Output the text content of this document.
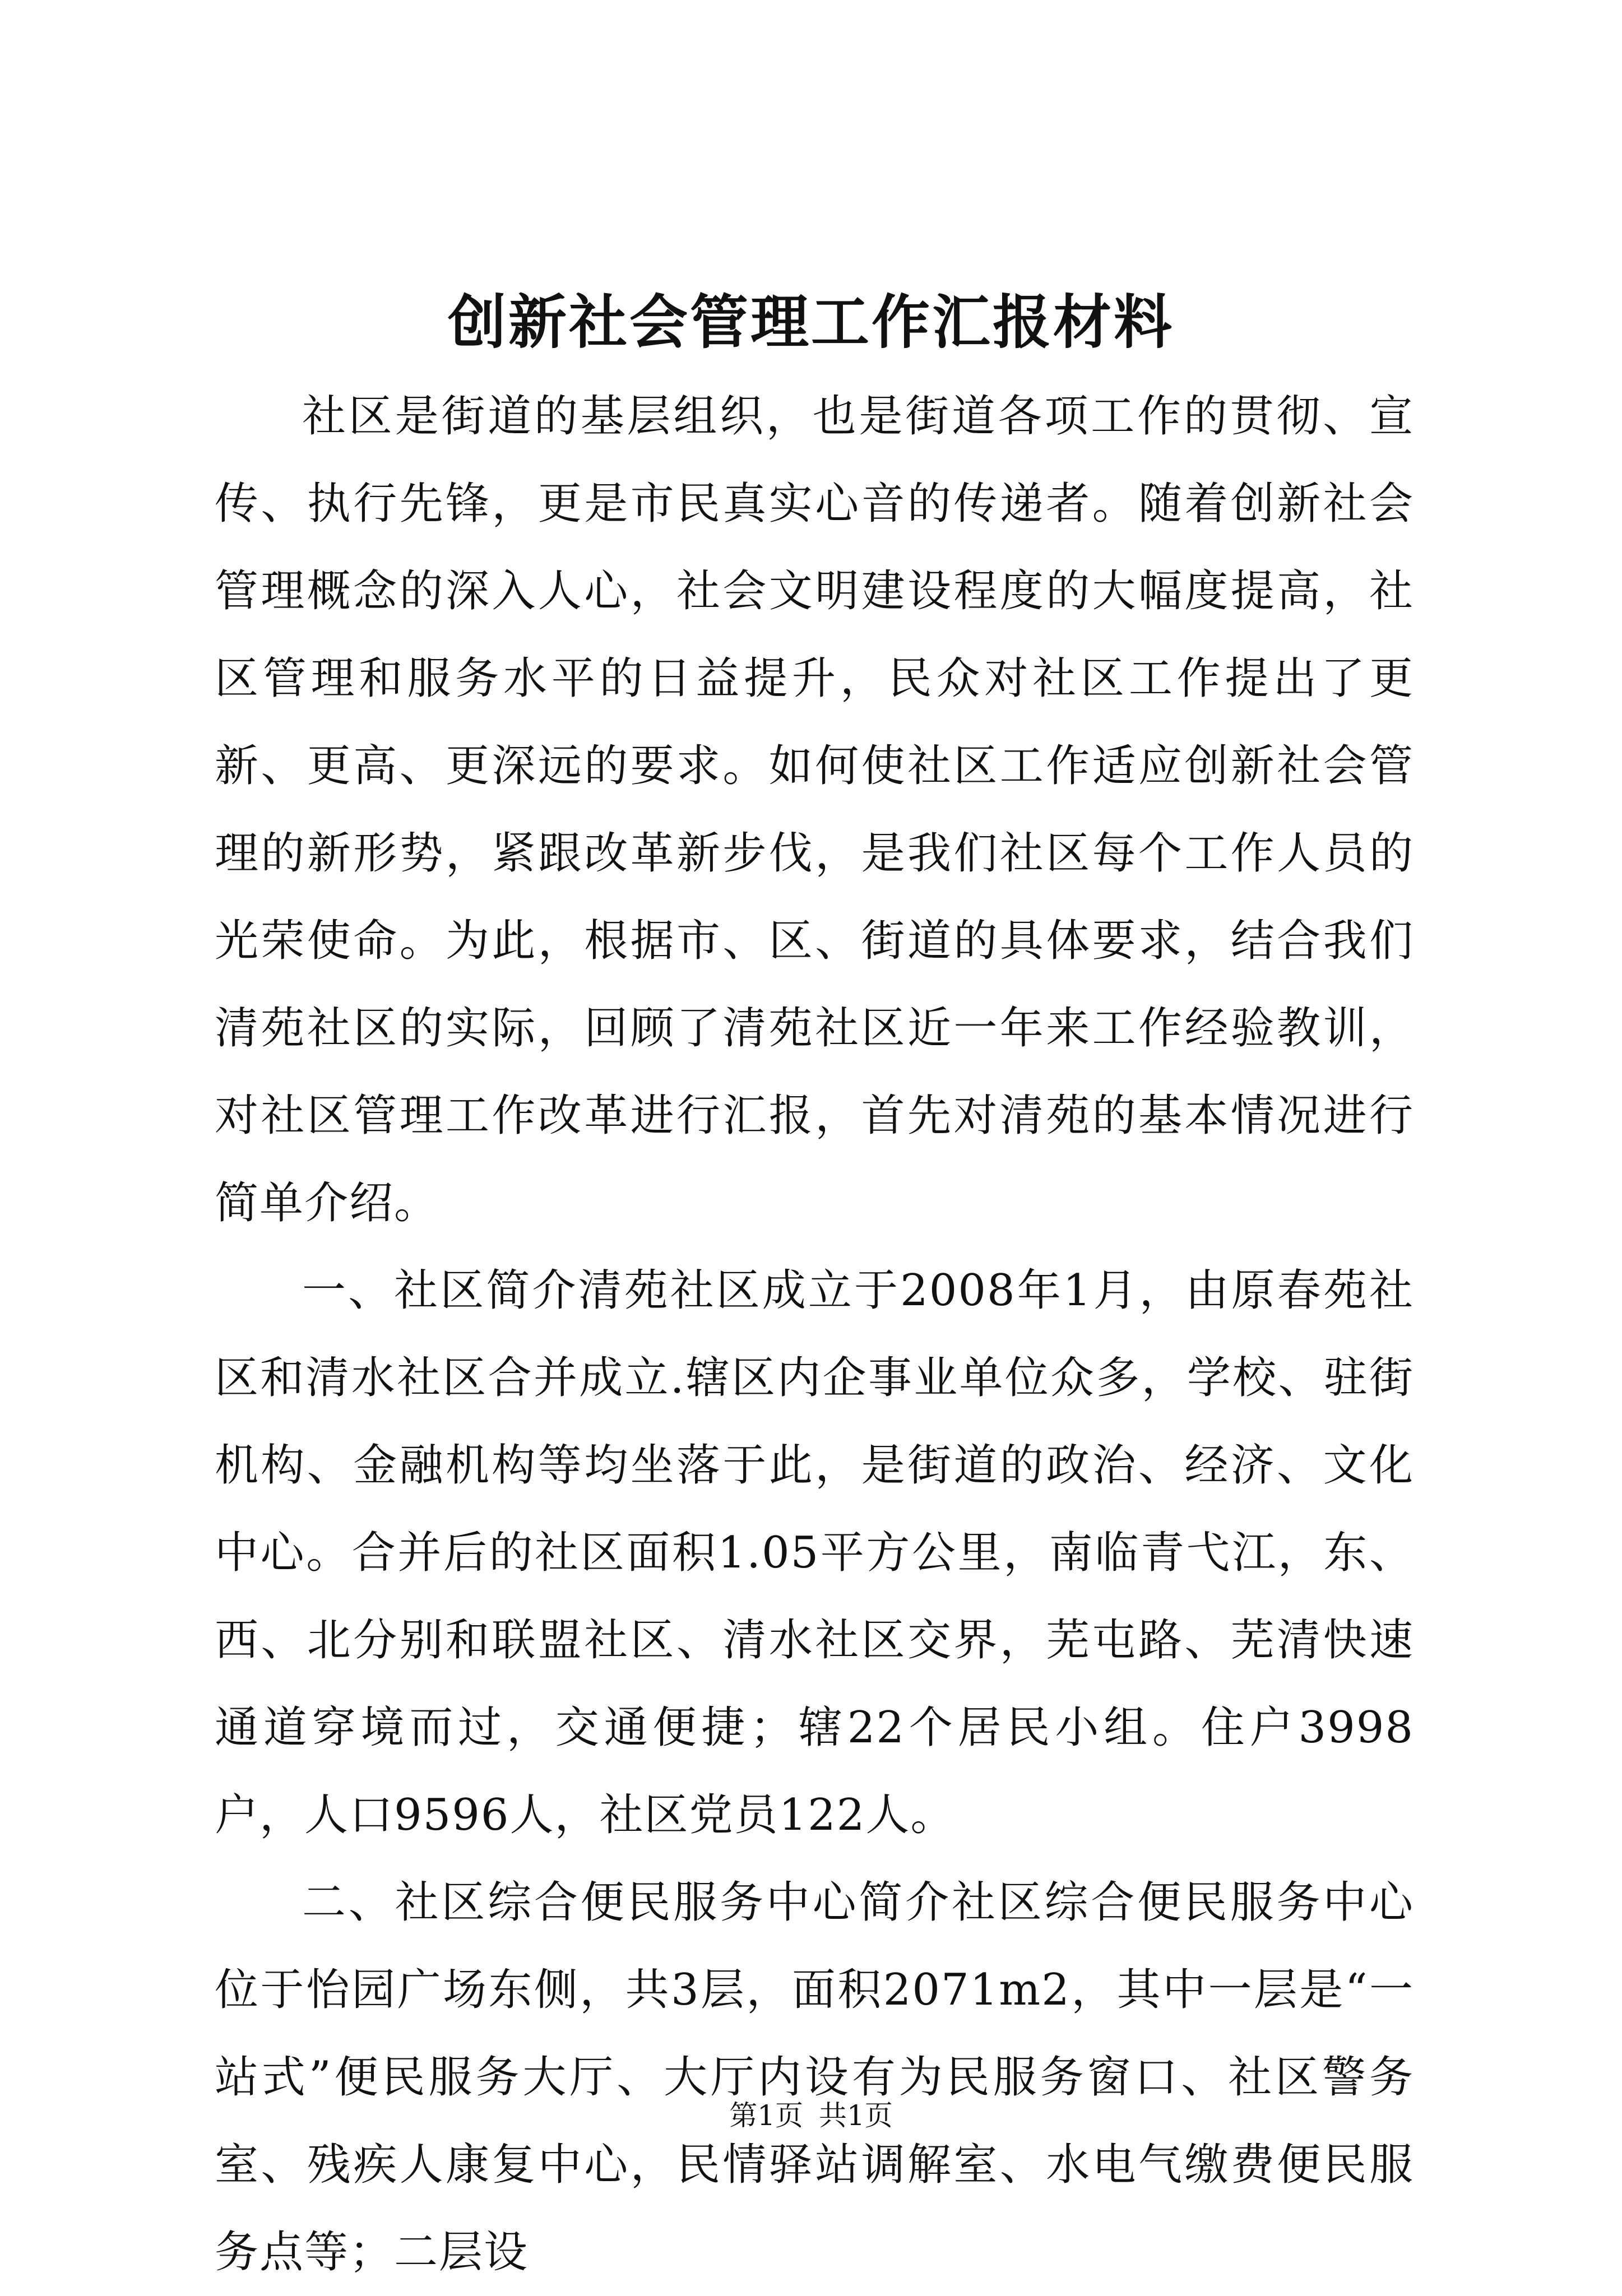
创新社会管理工作汇报材料

社区是街道的基层组织，也是街道各项工作的贯彻、宣传、执行先锋，更是市民真实心音的传递者。随着创新社会管理概念的深入人心，社会文明建设程度的大幅度提高，社区管理和服务水平的日益提升，民众对社区工作提出了更新、更高、更深远的要求。如何使社区工作适应创新社会管理的新形势，紧跟改革新步伐，是我们社区每个工作人员的光荣使命。为此，根据市、区、街道的具体要求，结合我们清苑社区的实际，回顾了清苑社区近一年来工作经验教训，对社区管理工作改革进行汇报，首先对清苑的基本情况进行简单介绍。

一、社区简介清苑社区成立于2008年1月，由原春苑社区和清水社区合并成立.辖区内企事业单位众多，学校、驻街机构、金融机构等均坐落于此，是街道的政治、经济、文化中心。合并后的社区面积1.05平方公里，南临青弋江，东、西、北分别和联盟社区、清水社区交界，芜屯路、芜清快速通道穿境而过，交通便捷；辖22个居民小组。住户3998户，人口9596人，社区党员122人。

二、社区综合便民服务中心简介社区综合便民服务中心位于怡园广场东侧，共3层，面积2071m2，其中一层是“一站式”便民服务大厅、大厅内设有为民服务窗口、社区警务室、残疾人康复中心，民情驿站调解室、水电气缴费便民服务点等；二层设

第1页 共1页
